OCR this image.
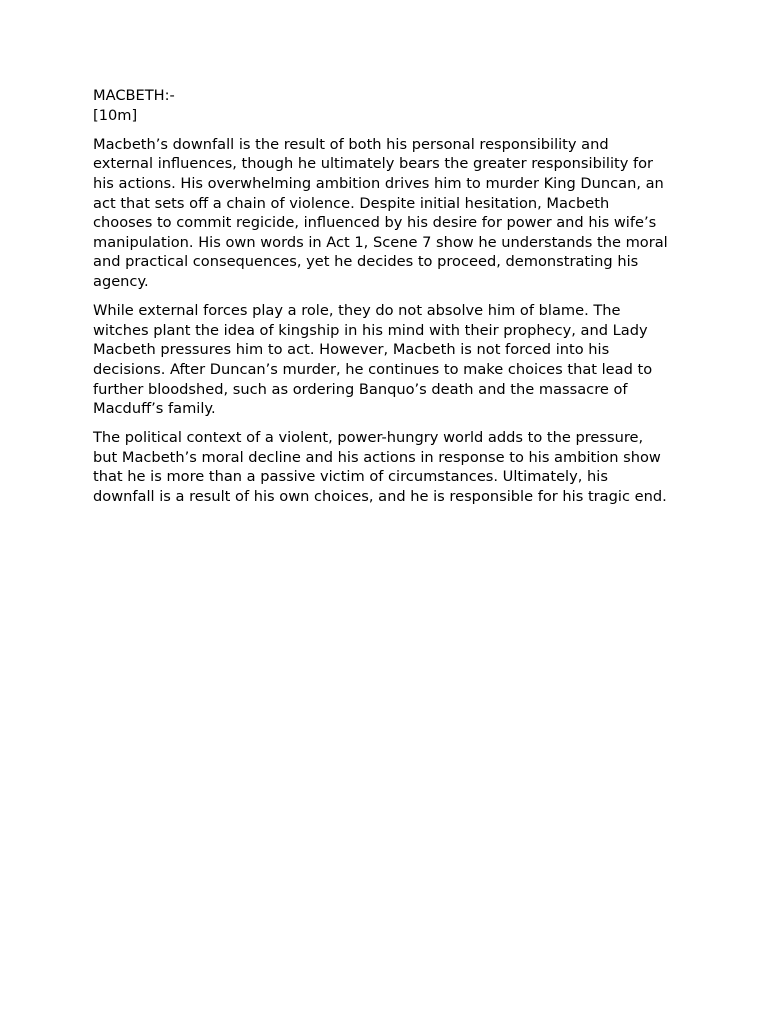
MACBETH:-

[10m]

Macbeth’s downfall is the result of both his personal responsibility and external influences, though he ultimately bears the greater responsibility for his actions. His overwhelming ambition drives him to murder King Duncan, an act that sets off a chain of violence. Despite initial hesitation, Macbeth chooses to commit regicide, influenced by his desire for power and his wife’s manipulation. His own words in Act 1, Scene 7 show he understands the moral and practical consequences, yet he decides to proceed, demonstrating his agency.

While external forces play a role, they do not absolve him of blame. The witches plant the idea of kingship in his mind with their prophecy, and Lady Macbeth pressures him to act. However, Macbeth is not forced into his decisions. After Duncan’s murder, he continues to make choices that lead to further bloodshed, such as ordering Banquo’s death and the massacre of Macduff’s family.

The political context of a violent, power-hungry world adds to the pressure, but Macbeth’s moral decline and his actions in response to his ambition show that he is more than a passive victim of circumstances. Ultimately, his downfall is a result of his own choices, and he is responsible for his tragic end.
